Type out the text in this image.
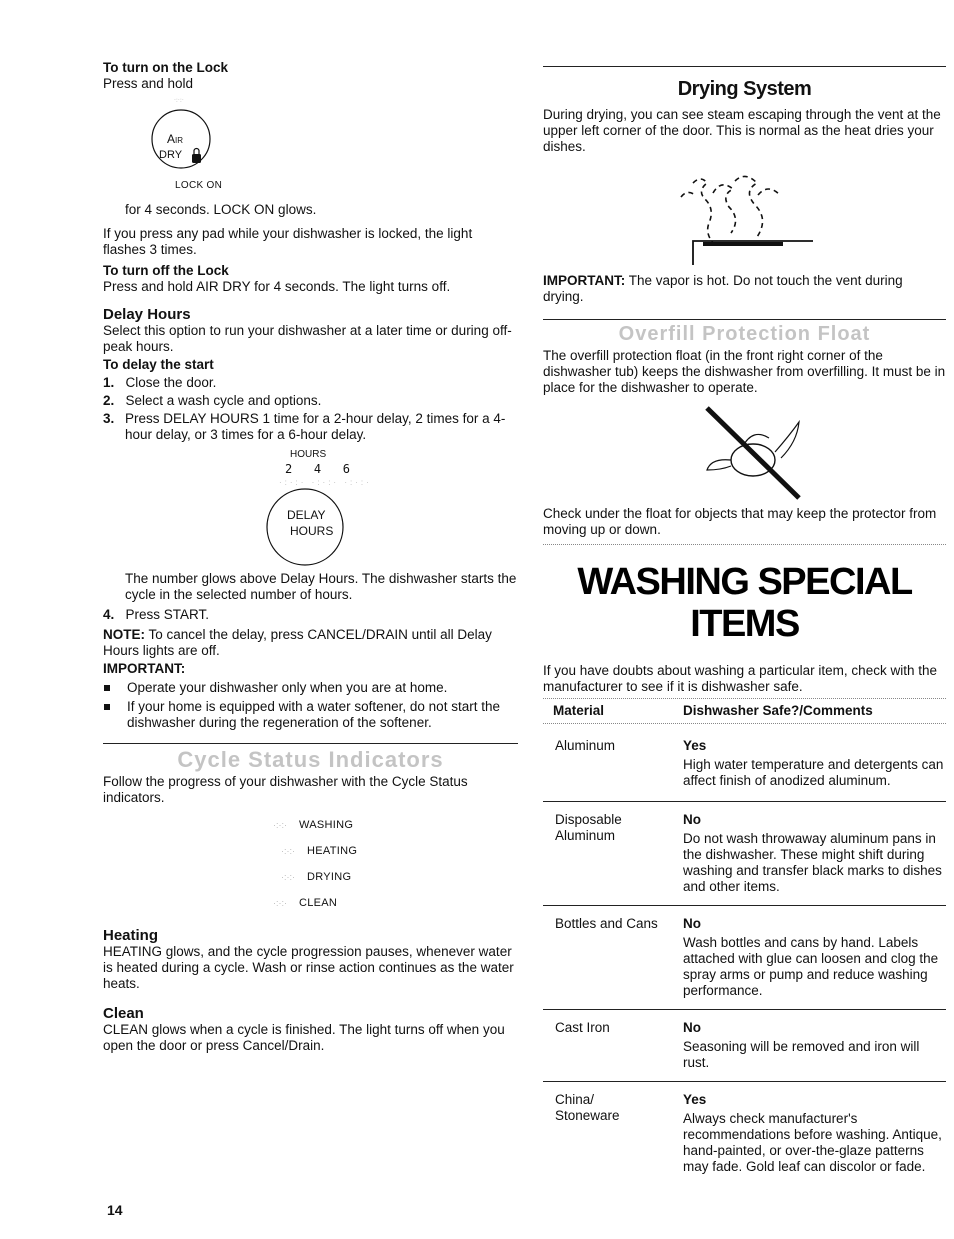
To turn on the Lock

Press and hold

·:·:·
Air
DRY
LOCK ON

for 4 seconds. LOCK ON glows.

If you press any pad while your dishwasher is locked, the light flashes 3 times.

To turn off the Lock

Press and hold AIR DRY for 4 seconds. The light turns off.

Delay Hours

Select this option to run your dishwasher at a later time or during off-peak hours.

To delay the start

1. Close the door.
2. Select a wash cycle and options.
3. Press DELAY HOURS 1 time for a 2-hour delay, 2 times for a 4-hour delay, or 3 times for a 6-hour delay.
HOURS
2   4   6
·:·:· ·:·:· ·:·:·
DELAY
HOURS

The number glows above Delay Hours. The dishwasher starts the cycle in the selected number of hours.

4. Press START.

NOTE: To cancel the delay, press CANCEL/DRAIN until all Delay Hours lights are off.

IMPORTANT:

Operate your dishwasher only when you are at home.
If your home is equipped with a water softener, do not start the dishwasher during the regeneration of the softener.

Cycle Status Indicators

Follow the progress of your dishwasher with the Cycle Status indicators.

·:·:·	WASHING
·:·:·	HEATING
·:·:·	DRYING
·:·:·	CLEAN

Heating

HEATING glows, and the cycle progression pauses, whenever water is heated during a cycle. Wash or rinse action continues as the water heats.

Clean

CLEAN glows when a cycle is finished. The light turns off when you open the door or press Cancel/Drain.

Drying System

During drying, you can see steam escaping through the vent at the upper left corner of the door. This is normal as the heat dries your dishes.

IMPORTANT: The vapor is hot. Do not touch the vent during drying.

Overfill Protection Float

The overfill protection float (in the front right corner of the dishwasher tub) keeps the dishwasher from overfilling. It must be in place for the dishwasher to operate.

Check under the float for objects that may keep the protector from moving up or down.

WASHING SPECIAL

ITEMS

If you have doubts about washing a particular item, check with the manufacturer to see if it is dishwasher safe.

Material	Dishwasher Safe?/Comments

Aluminum	Yes
High water temperature and detergents can affect finish of anodized aluminum.

Disposable Aluminum	No
Do not wash throwaway aluminum pans in the dishwasher. These might shift during washing and transfer black marks to dishes and other items.

Bottles and Cans	No
Wash bottles and cans by hand. Labels attached with glue can loosen and clog the spray arms or pump and reduce washing performance.

Cast Iron	No
Seasoning will be removed and iron will rust.

China/ Stoneware	Yes
Always check manufacturer's recommendations before washing. Antique, hand-painted, or over-the-glaze patterns may fade. Gold leaf can discolor or fade.

14
